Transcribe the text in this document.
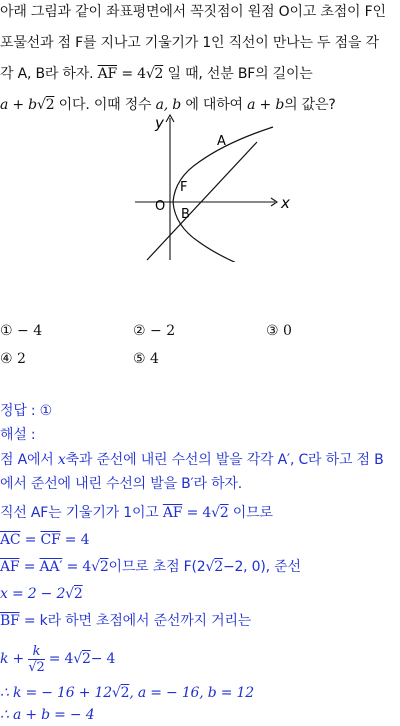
아래 그림과 같이 좌표평면에서 꼭짓점이 원점 O이고 초점이 F인
포물선과 점 F를 지나고 기울기가 1인 직선이 만나는 두 점을 각
각 A, B라 하자. $\overline{AF} = 4√2$ 일 때, 선분 BF의 길이는
a + b√2 이다. 이때 정수 a, b 에 대하여 a + b의 값은?
x
y
A
F
O
B
① − 4	② − 2	③ 0
④ 2	⑤ 4
정답 : ①
해설 :
점 A에서 x축과 준선에 내린 수선의 발을 각각 A′, C라 하고 점 B
에서 준선에 내린 수선의 발을 B′라 하자.
직선 AF는 기울기가 1이고 $\overline{AF} = 4√2$ 이므로
$\overline{AC} = \overline{CF} = 4$
$\overline{AF} = AA' = 4√2$이므로 초점 F(2√2−2, 0), 준선
x = 2 − 2√2
$\overline{BF} = k$라 하면 초점에서 준선까지 거리는
$k + \frac{k}{√2} = 4√2- 4$
∴ k = − 16 + 12√2, a = − 16, b = 12
∴ a + b = − 4
